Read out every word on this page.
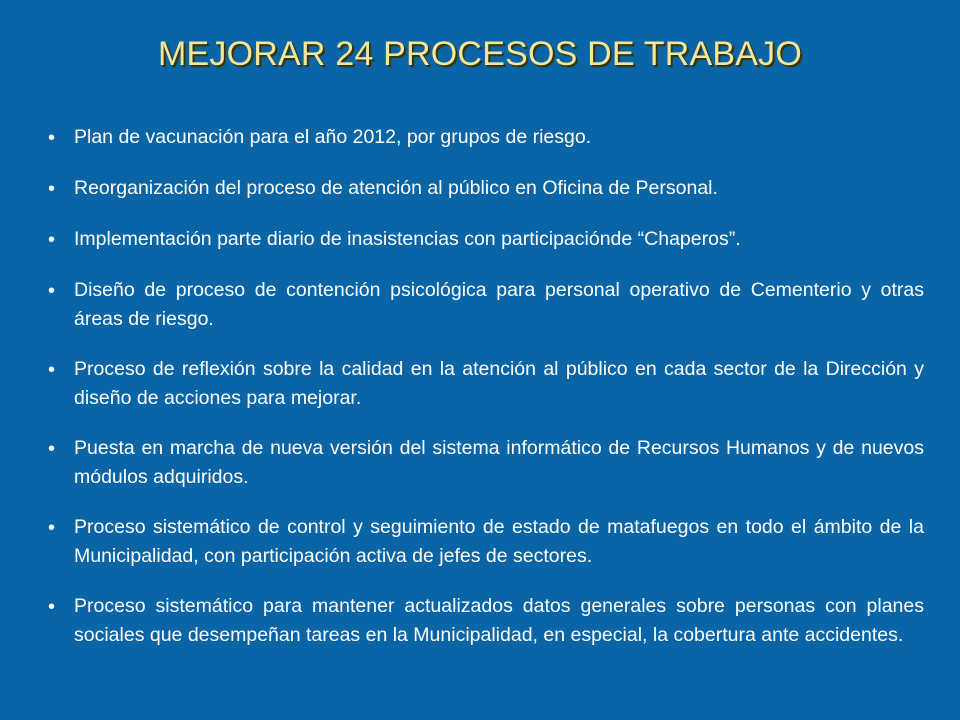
MEJORAR 24 PROCESOS DE TRABAJO
• Plan de vacunación para el año 2012, por grupos de riesgo.
• Reorganización del proceso de atención al público en Oficina de Personal.
• Implementación parte diario de inasistencias con participaciónde “Chaperos”.
• Diseño de proceso de contención psicológica para personal operativo de Cementerio y otras áreas de riesgo.
• Proceso de reflexión sobre la calidad en la atención al público en cada sector de la Dirección y diseño de acciones para mejorar.
• Puesta en marcha de nueva versión del sistema informático de Recursos Humanos y de nuevos módulos adquiridos.
• Proceso sistemático de control y seguimiento de estado de matafuegos en todo el ámbito de la Municipalidad, con participación activa de jefes de sectores.
• Proceso sistemático para mantener actualizados datos generales sobre personas con planes sociales que desempeñan tareas en la Municipalidad, en especial, la cobertura ante accidentes.
